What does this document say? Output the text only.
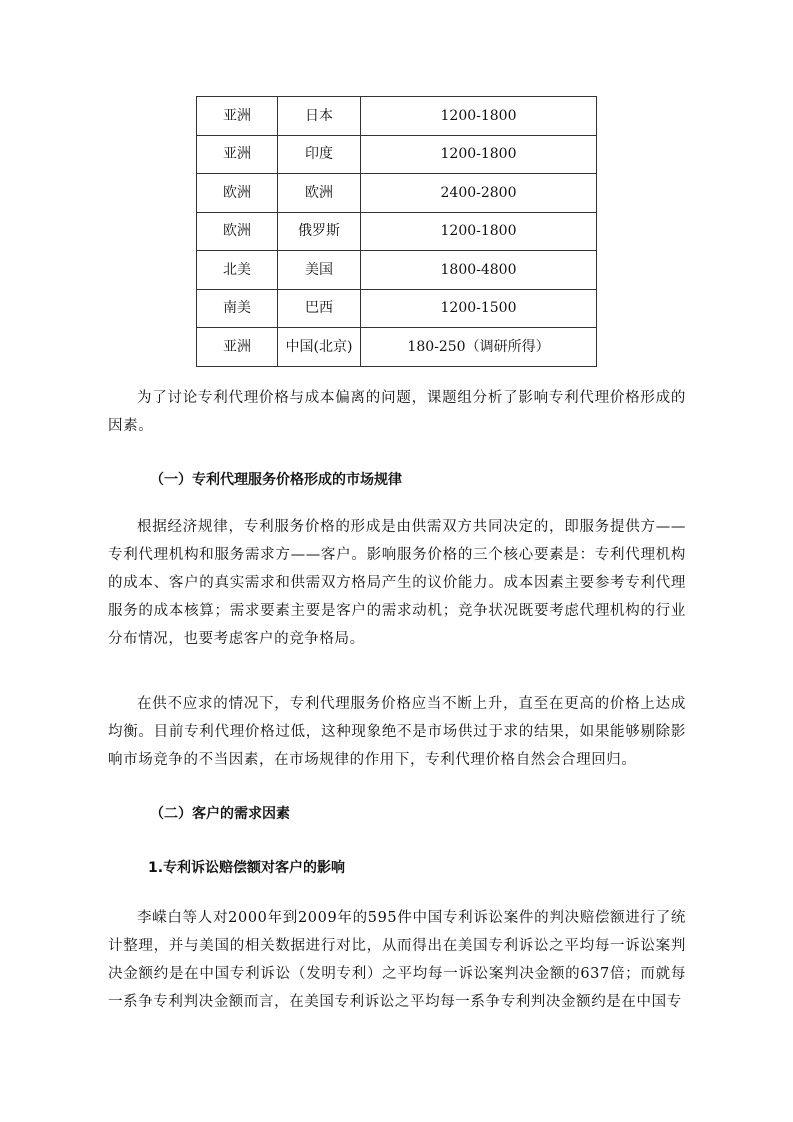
亚洲	日本	1200-1800
亚洲	印度	1200-1800
欧洲	欧洲	2400-2800
欧洲	俄罗斯	1200-1800
北美	美国	1800-4800
南美	巴西	1200-1500
亚洲	中国(北京)	180-250（调研所得）

为了讨论专利代理价格与成本偏离的问题，课题组分析了影响专利代理价格形成的因素。

（一）专利代理服务价格形成的市场规律

根据经济规律，专利服务价格的形成是由供需双方共同决定的，即服务提供方——专利代理机构和服务需求方——客户。影响服务价格的三个核心要素是：专利代理机构的成本、客户的真实需求和供需双方格局产生的议价能力。成本因素主要参考专利代理服务的成本核算；需求要素主要是客户的需求动机；竞争状况既要考虑代理机构的行业分布情况，也要考虑客户的竞争格局。

在供不应求的情况下，专利代理服务价格应当不断上升，直至在更高的价格上达成均衡。目前专利代理价格过低，这种现象绝不是市场供过于求的结果，如果能够剔除影响市场竞争的不当因素，在市场规律的作用下，专利代理价格自然会合理回归。

（二）客户的需求因素

1.专利诉讼赔偿额对客户的影响

李嵘白等人对2000年到2009年的595件中国专利诉讼案件的判决赔偿额进行了统计整理，并与美国的相关数据进行对比，从而得出在美国专利诉讼之平均每一诉讼案判决金额约是在中国专利诉讼（发明专利）之平均每一诉讼案判决金额的637倍；而就每一系争专利判决金额而言，在美国专利诉讼之平均每一系争专利判决金额约是在中国专
